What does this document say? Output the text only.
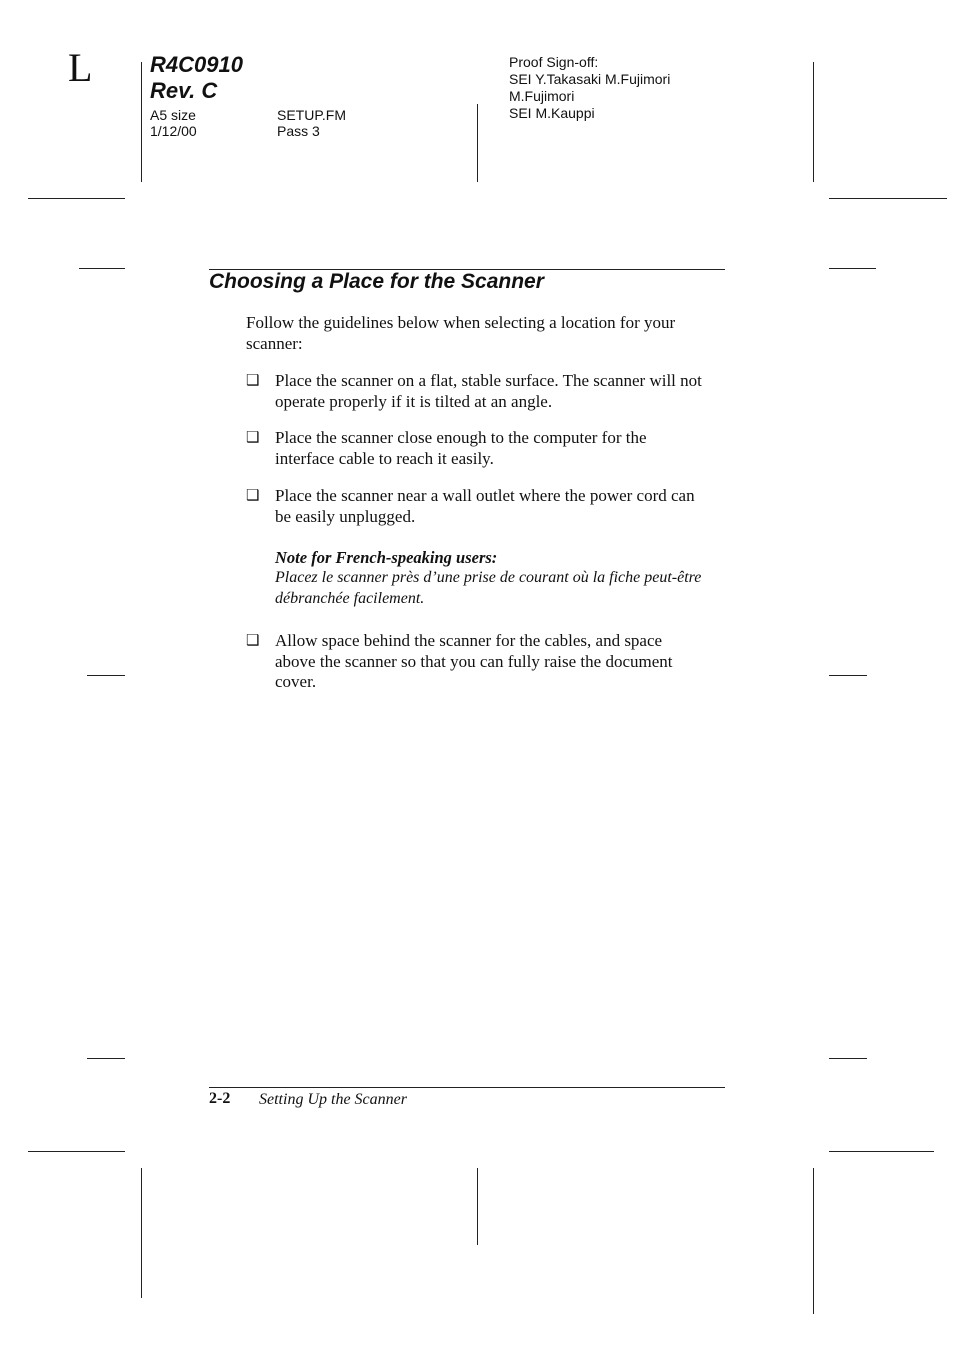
L	R4C0910
Rev. C
A5 size
1/12/00
SETUP.FM
Pass 3
Proof Sign-off:
SEI Y.Takasaki M.Fujimori
M.Fujimori
SEI M.Kauppi
Choosing a Place for the Scanner
Follow the guidelines below when selecting a location for your
scanner:
❑ Place the scanner on a flat, stable surface. The scanner will not
operate properly if it is tilted at an angle.
❑ Place the scanner close enough to the computer for the
interface cable to reach it easily.
❑ Place the scanner near a wall outlet where the power cord can
be easily unplugged.
Note for French-speaking users:
Placez le scanner près d’une prise de courant où la fiche peut-être
débranchée facilement.
❑ Allow space behind the scanner for the cables, and space
above the scanner so that you can fully raise the document
cover.
2-2 Setting Up the Scanner
